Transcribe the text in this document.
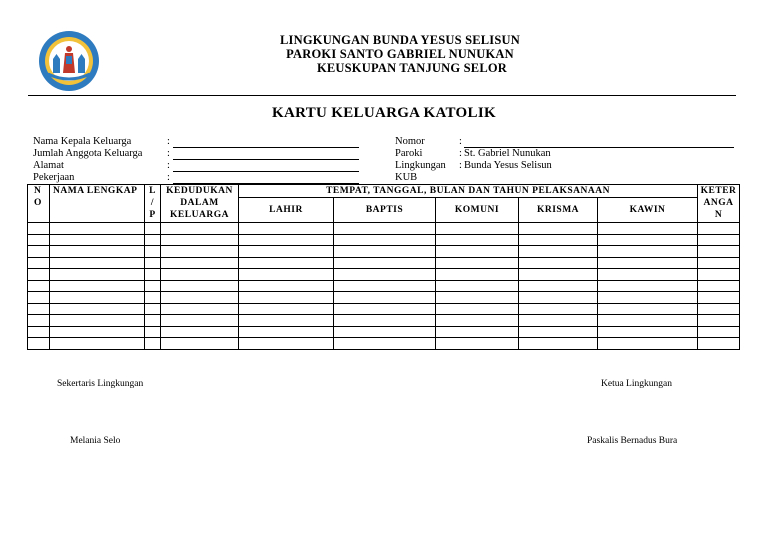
LINGKUNGAN BUNDA YESUS SELISUN
PAROKI SANTO GABRIEL NUNUKAN
KEUSKUPAN TANJUNG SELOR
KARTU KELUARGA KATOLIK
Nama Kepala Keluarga	:
Jumlah Anggota Keluarga	:
Alamat	:
Pekerjaan	:
Nomor	:
Paroki	: St. Gabriel Nunukan
Lingkungan	: Bunda Yesus Selisun
KUB
N O	NAMA LENGKAP	L / P	KEDUDUKAN DALAM KELUARGA	TEMPAT, TANGGAL, BULAN DAN TAHUN PELAKSANAAN					KETER ANGA N
				LAHIR	BAPTIS	KOMUNI	KRISMA	KAWIN	

Sekertaris Lingkungan	Ketua Lingkungan
Melania Selo	Paskalis Bernadus Bura
